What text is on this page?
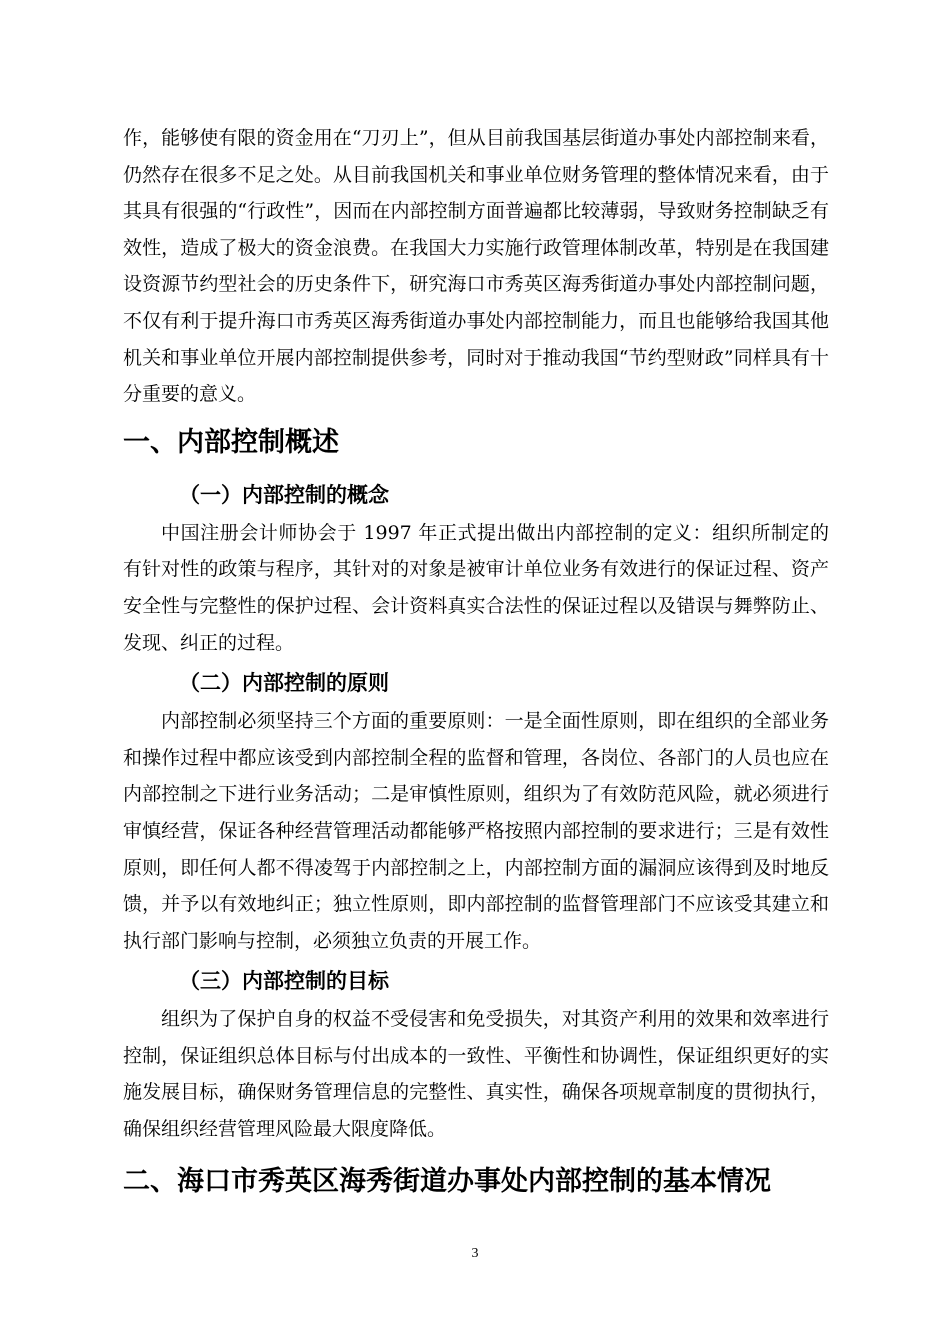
作，能够使有限的资金用在“刀刃上”，但从目前我国基层街道办事处内部控制来看，仍然存在很多不足之处。从目前我国机关和事业单位财务管理的整体情况来看，由于其具有很强的“行政性”，因而在内部控制方面普遍都比较薄弱，导致财务控制缺乏有效性，造成了极大的资金浪费。在我国大力实施行政管理体制改革，特别是在我国建设资源节约型社会的历史条件下，研究海口市秀英区海秀街道办事处内部控制问题，不仅有利于提升海口市秀英区海秀街道办事处内部控制能力，而且也能够给我国其他机关和事业单位开展内部控制提供参考，同时对于推动我国“节约型财政”同样具有十分重要的意义。

一、内部控制概述
（一）内部控制的概念

中国注册会计师协会于 1997 年正式提出做出内部控制的定义：组织所制定的有针对性的政策与程序，其针对的对象是被审计单位业务有效进行的保证过程、资产安全性与完整性的保护过程、会计资料真实合法性的保证过程以及错误与舞弊防止、发现、纠正的过程。

（二）内部控制的原则

内部控制必须坚持三个方面的重要原则：一是全面性原则，即在组织的全部业务和操作过程中都应该受到内部控制全程的监督和管理，各岗位、各部门的人员也应在内部控制之下进行业务活动；二是审慎性原则，组织为了有效防范风险，就必须进行审慎经营，保证各种经营管理活动都能够严格按照内部控制的要求进行；三是有效性原则，即任何人都不得凌驾于内部控制之上，内部控制方面的漏洞应该得到及时地反馈，并予以有效地纠正；独立性原则，即内部控制的监督管理部门不应该受其建立和执行部门影响与控制，必须独立负责的开展工作。

（三）内部控制的目标

组织为了保护自身的权益不受侵害和免受损失，对其资产利用的效果和效率进行控制，保证组织总体目标与付出成本的一致性、平衡性和协调性，保证组织更好的实施发展目标，确保财务管理信息的完整性、真实性，确保各项规章制度的贯彻执行，确保组织经营管理风险最大限度降低。

二、海口市秀英区海秀街道办事处内部控制的基本情况
3
